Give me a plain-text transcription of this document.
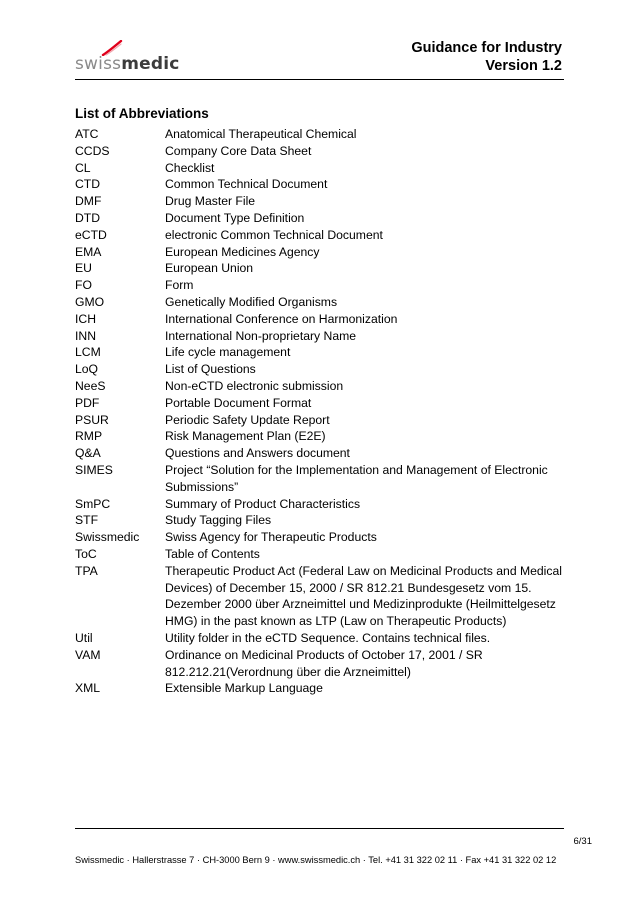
swissmedic
Guidance for Industry
Version 1.2
List of Abbreviations
ATC	Anatomical Therapeutical Chemical
CCDS	Company Core Data Sheet
CL	Checklist
CTD	Common Technical Document
DMF	Drug Master File
DTD	Document Type Definition
eCTD	electronic Common Technical Document
EMA	European Medicines Agency
EU	European Union
FO	Form
GMO	Genetically Modified Organisms
ICH	International Conference on Harmonization
INN	International Non-proprietary Name
LCM	Life cycle management
LoQ	List of Questions
NeeS	Non-eCTD electronic submission
PDF	Portable Document Format
PSUR	Periodic Safety Update Report
RMP	Risk Management Plan (E2E)
Q&A	Questions and Answers document
SIMES	Project “Solution for the Implementation and Management of Electronic Submissions”
SmPC	Summary of Product Characteristics
STF	Study Tagging Files
Swissmedic	Swiss Agency for Therapeutic Products
ToC	Table of Contents
TPA	Therapeutic Product Act (Federal Law on Medicinal Products and Medical Devices) of December 15, 2000 / SR 812.21 Bundesgesetz vom 15. Dezember 2000 über Arzneimittel und Medizinprodukte (Heilmittelgesetz HMG) in the past known as LTP (Law on Therapeutic Products)
Util	Utility folder in the eCTD Sequence. Contains technical files.
VAM	Ordinance on Medicinal Products of October 17, 2001 / SR 812.212.21(Verordnung über die Arzneimittel)
XML	Extensible Markup Language
6/31
Swissmedic · Hallerstrasse 7 · CH-3000 Bern 9 · www.swissmedic.ch · Tel. +41 31 322 02 11 · Fax +41 31 322 02 12
